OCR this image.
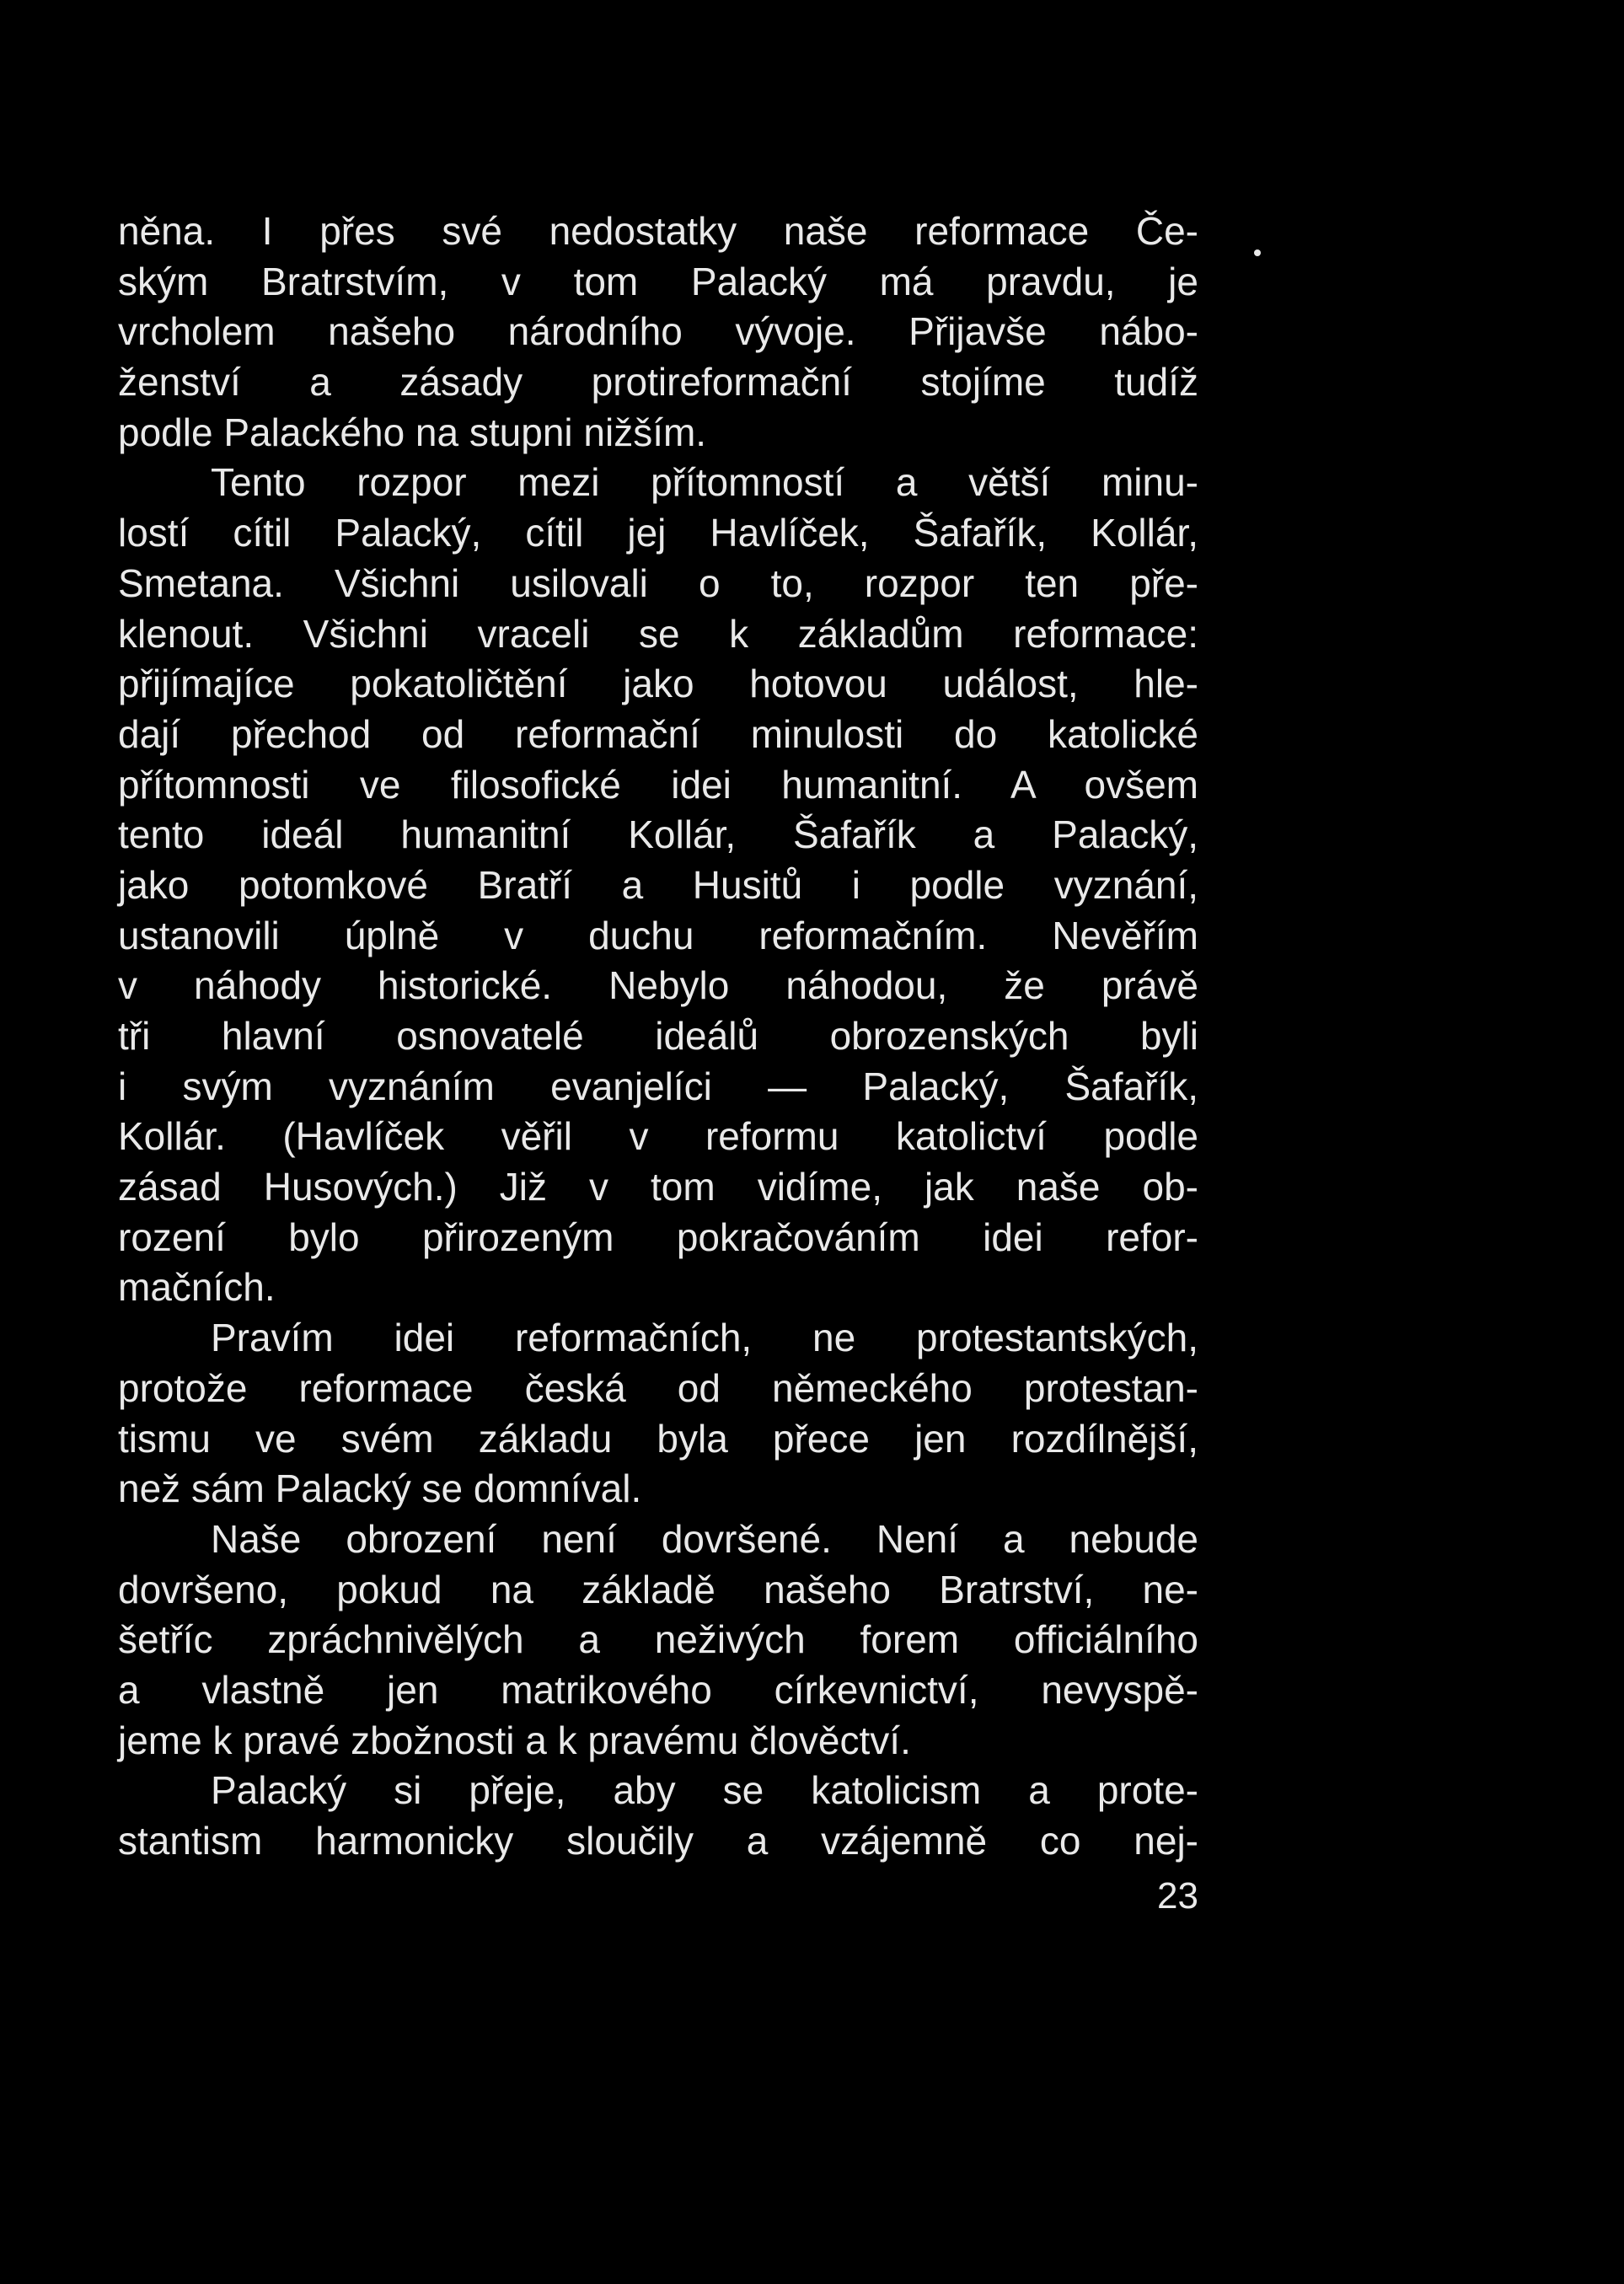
něna. I přes své nedostatky naše reformace Če-
ským Bratrstvím, v tom Palacký má pravdu, je
vrcholem našeho národního vývoje. Přijavše nábo-
ženství a zásady protireformační stojíme tudíž
podle Palackého na stupni nižším.
Tento rozpor mezi přítomností a větší minu-
lostí cítil Palacký, cítil jej Havlíček, Šafařík, Kollár,
Smetana. Všichni usilovali o to, rozpor ten pře-
klenout. Všichni vraceli se k základům reformace:
přijímajíce pokatoličtění jako hotovou událost, hle-
dají přechod od reformační minulosti do katolické
přítomnosti ve filosofické idei humanitní. A ovšem
tento ideál humanitní Kollár, Šafařík a Palacký,
jako potomkové Bratří a Husitů i podle vyznání,
ustanovili úplně v duchu reformačním. Nevěřím
v náhody historické. Nebylo náhodou, že právě
tři hlavní osnovatelé ideálů obrozenských byli
i svým vyznáním evanjelíci — Palacký, Šafařík,
Kollár. (Havlíček věřil v reformu katolictví podle
zásad Husových.) Již v tom vidíme, jak naše ob-
rození bylo přirozeným pokračováním idei refor-
mačních.
Pravím idei reformačních, ne protestantských,
protože reformace česká od německého protestan-
tismu ve svém základu byla přece jen rozdílnější,
než sám Palacký se domníval.
Naše obrození není dovršené. Není a nebude
dovršeno, pokud na základě našeho Bratrství, ne-
šetříc zpráchnivělých a neživých forem officiálního
a vlastně jen matrikového církevnictví, nevyspě-
jeme k pravé zbožnosti a k pravému člověctví.
Palacký si přeje, aby se katolicism a prote-
stantism harmonicky sloučily a vzájemně co nej-
23
